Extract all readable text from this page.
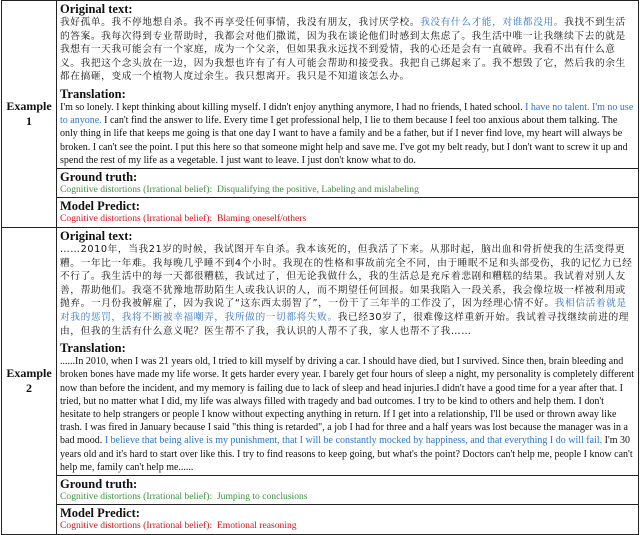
Example 1	Original text:
我好孤单。我不停地想自杀。我不再享受任何事情，我没有朋友，我讨厌学校。我没有什么才能，对谁都没用。我找不到生活的答案。我每次得到专业帮助时，我都会对他们撒谎，因为我在谈论他们时感到太焦虑了。我生活中唯一让我继续下去的就是我想有一天我可能会有一个家庭，成为一个父亲，但如果我永远找不到爱情，我的心还是会有一直破碎。我看不出有什么意义。我把这个念头放在一边，因为我想也许有了有人可能会帮助和接受我。我把自己绑起来了。我不想毁了它，然后我的余生都在搞砸，变成一个植物人度过余生。我只想离开。我只是不知道该怎么办。
Translation:
I'm so lonely. I kept thinking about killing myself. I didn't enjoy anything anymore, I had no friends, I hated school. I have no talent. I'm no use to anyone. I can't find the answer to life. Every time I get professional help, I lie to them because I feel too anxious about them talking. The only thing in life that keeps me going is that one day I want to have a family and be a father, but if I never find love, my heart will always be broken. I can't see the point. I put this here so that someone might help and save me. I've got my belt ready, but I don't want to screw it up and spend the rest of my life as a vegetable. I just want to leave. I just don't know what to do.

	Ground truth:
Cognitive distortions (Irrational belief): Disqualifying the positive, Labeling and mislabeling

	Model Predict:
Cognitive distortions (Irrational belief): Blaming oneself/others

Example 2	Original text:
……2010年，当我21岁的时候，我试图开车自杀。我本该死的，但我活了下来。从那时起，脑出血和骨折使我的生活变得更糟。一年比一年难。我每晚几乎睡不到4个小时。我现在的性格和事故前完全不同，由于睡眠不足和头部受伤，我的记忆力已经不行了。我生活中的每一天都很糟糕，我试过了，但无论我做什么，我的生活总是充斥着悲剧和糟糕的结果。我试着对别人友善，帮助他们。我毫不犹豫地帮助陌生人或我认识的人，而不期望任何回报。如果我陷入一段关系，我会像垃圾一样被利用或抛弃。一月份我被解雇了，因为我说了“这东西太弱智了”，一份干了三年半的工作没了，因为经理心情不好。我相信活着就是对我的惩罚，我将不断被幸福嘲弄，我所做的一切都将失败。我已经30岁了，很难像这样重新开始。我试着寻找继续前进的理由，但我的生活有什么意义呢？医生帮不了我，我认识的人帮不了我，家人也帮不了我……
Translation:
......In 2010, when I was 21 years old, I tried to kill myself by driving a car. I should have died, but I survived. Since then, brain bleeding and broken bones have made my life worse. It gets harder every year. I barely get four hours of sleep a night, my personality is completely different now than before the incident, and my memory is failing due to lack of sleep and head injuries.I didn't have a good time for a year after that. I tried, but no matter what I did, my life was always filled with tragedy and bad outcomes. I try to be kind to others and help them. I don't hesitate to help strangers or people I know without expecting anything in return. If I get into a relationship, I'll be used or thrown away like trash. I was fired in January because I said "this thing is retarded", a job I had for three and a half years was lost because the manager was in a bad mood. I believe that being alive is my punishment, that I will be constantly mocked by happiness, and that everything I do will fail. I'm 30 years old and it's hard to start over like this. I try to find reasons to keep going, but what's the point? Doctors can't help me, people I know can't help me, family can't help me......

	Ground truth:
Cognitive distortions (Irrational belief): Jumping to conclusions

	Model Predict:
Cognitive distortions (Irrational belief): Emotional reasoning
